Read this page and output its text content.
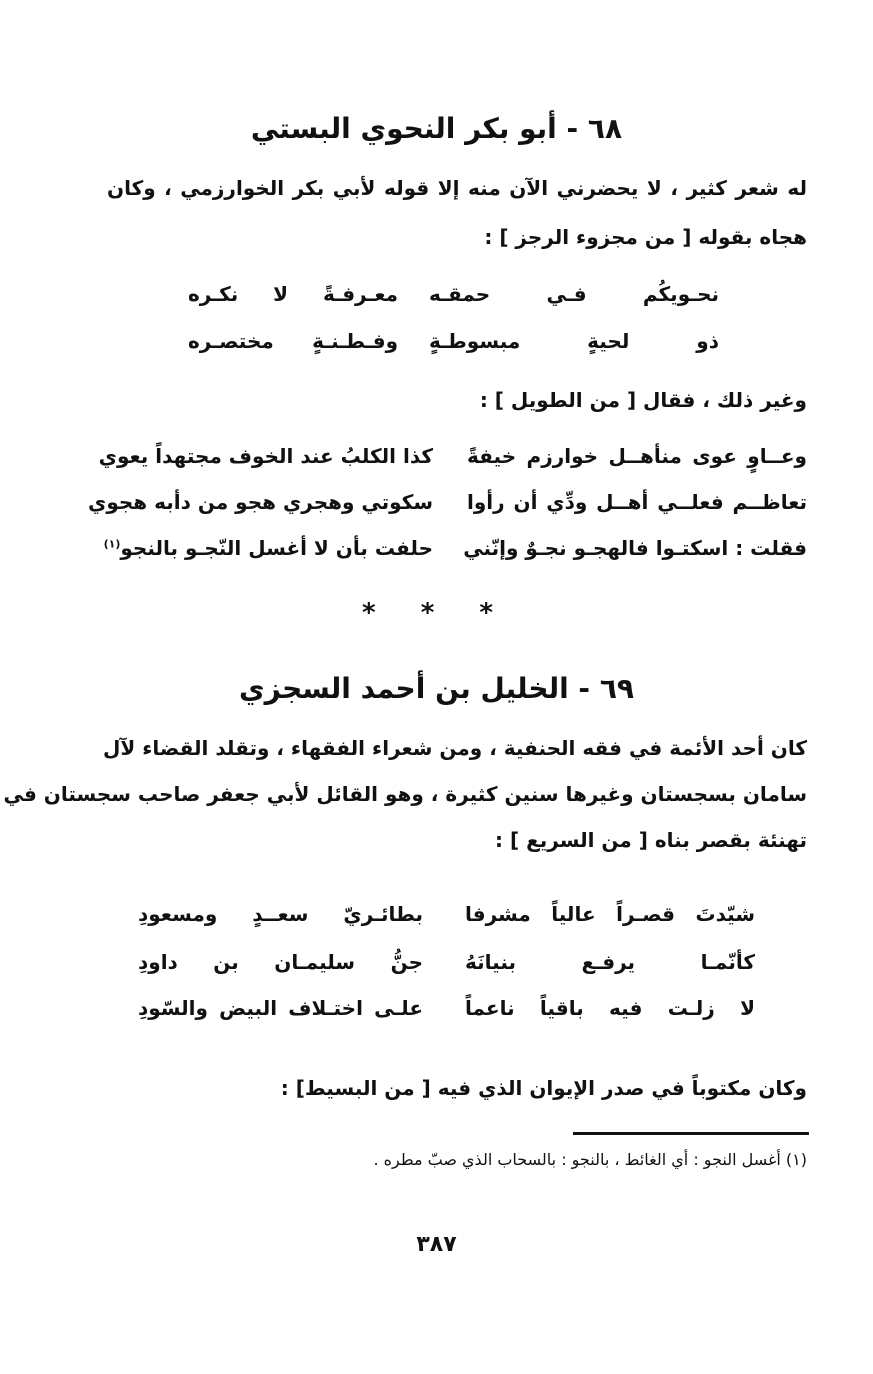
٦٨ - أبو بكر النحوي البستي
له شعر كثير ، لا يحضرني الآن منه إلا قوله لأبي بكر الخوارزمي ، وكان
هجاه بقوله [ من مجزوء الرجز ] :
نحـويكُم فـي حمقـه
معـرفـةً لا نكـره
ذو لحيةٍ مبسوطـةٍ
وفـطـنـةٍ مختصـره
وغير ذلك ، فقال [ من الطويل ] :
وعــاوٍ عوى منأهــل خوارزم خيفةً
كذا الكلبُ عند الخوف مجتهداً يعوي
تعاظــم فعلــي أهــل ودِّي أن رأوا
سكوتي وهجري هجو من دأبه هجوي
فقلت : اسكتـوا فالهجـو نجـوٌ وإنّني
حلفت بأن لا أغسل النّجـو بالنجو$^{(١)}$
* * *
٦٩ - الخليل بن أحمد السجزي
كان أحد الأئمة في فقه الحنفية ، ومن شعراء الفقهاء ، وتقلد القضاء لآل
سامان بسجستان وغيرها سنين كثيرة ، وهو القائل لأبي جعفر صاحب سجستان في
تهنئة بقصر بناه [ من السريع ] :
شيّدتَ قصـراً عالياً مشرفا
بطائـريّ سعــدٍ ومسعودِ
كأنّمـا يرفـع بنيانَهُ
جنُّ سليمـان بن داودِ
لا زلـت فيه باقياً ناعماً
علـى اختـلاف البيض والسّودِ
وكان مكتوباً في صدر الإيوان الذي فيه [ من البسيط] :
(١) أغسل النجو : أي الغائط ، بالنجو : بالسحاب الذي صبّ مطره .
٣٨٧
